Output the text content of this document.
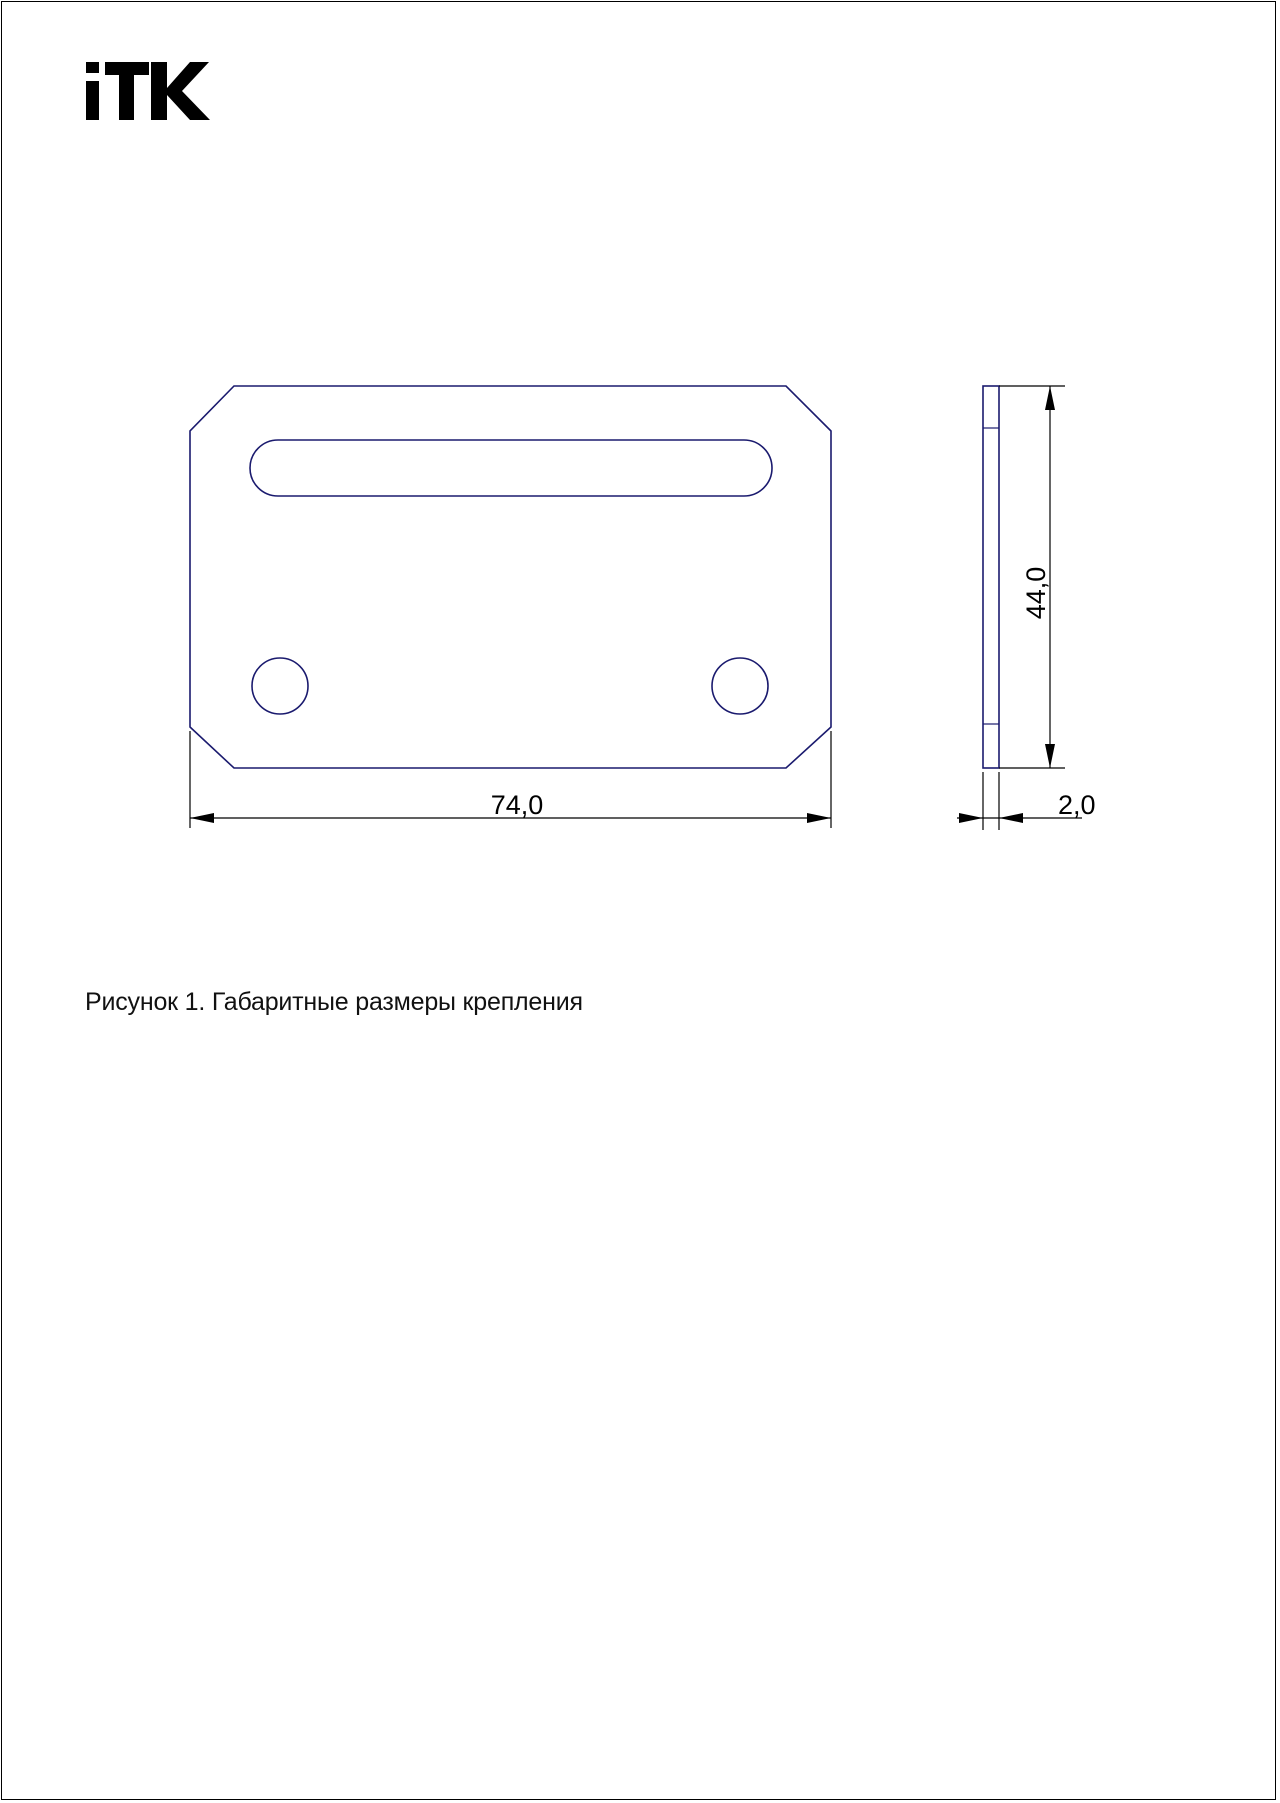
74,0
44,0
2,0
Рисунок 1. Габаритные размеры крепления
